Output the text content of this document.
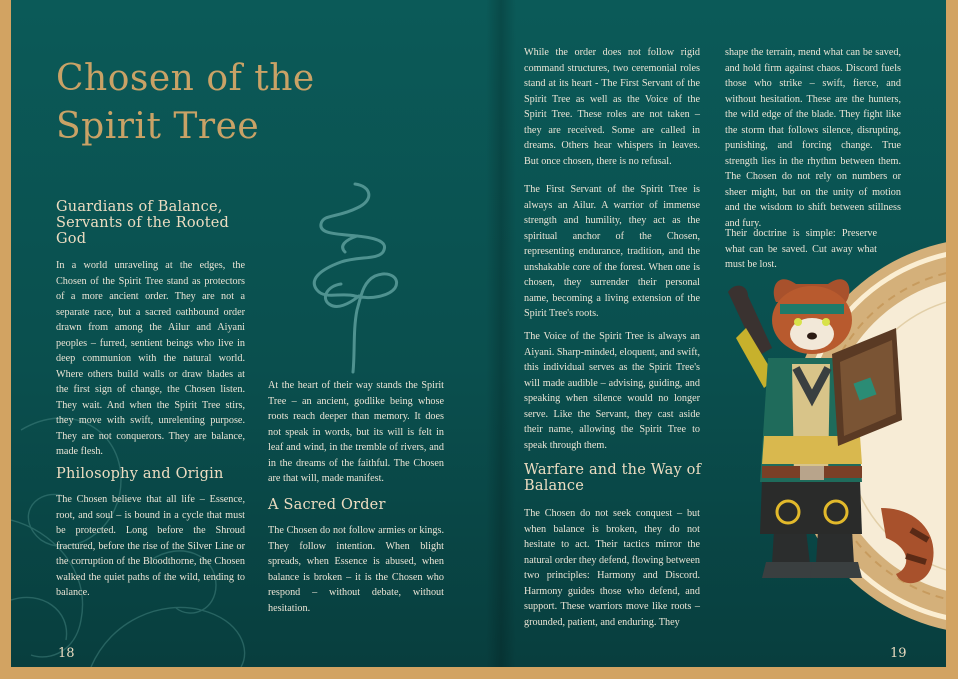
Chosen of the Spirit Tree
Guardians of Balance, Servants of the Rooted God

In a world unraveling at the edges, the Chosen of the Spirit Tree stand as protectors of a more ancient order. They are not a separate race, but a sacred oathbound order drawn from among the Ailur and Aiyani peoples – furred, sentient beings who live in deep communion with the natural world. Where others build walls or draw blades at the first sign of change, the Chosen listen. They wait. And when the Spirit Tree stirs, they move with swift, unrelenting purpose. They are not conquerors. They are balance, made flesh.

Philosophy and Origin

The Chosen believe that all life – Essence, root, and soul – is bound in a cycle that must be protected. Long before the Shroud fractured, before the rise of the Silver Line or the corruption of the Bloodthorne, the Chosen walked the quiet paths of the wild, tending to balance.

At the heart of their way stands the Spirit Tree – an ancient, godlike being whose roots reach deeper than memory. It does not speak in words, but its will is felt in leaf and wind, in the tremble of rivers, and in the dreams of the faithful. The Chosen are that will, made manifest.

A Sacred Order

The Chosen do not follow armies or kings. They follow intention. When blight spreads, when Essence is abused, when balance is broken – it is the Chosen who respond – without debate, without hesitation.

18

While the order does not follow rigid command structures, two ceremonial roles stand at its heart - The First Servant of the Spirit Tree as well as the Voice of the Spirit Tree. These roles are not taken – they are received. Some are called in dreams. Others hear whispers in leaves. But once chosen, there is no refusal.

The First Servant of the Spirit Tree is always an Ailur. A warrior of immense strength and humility, they act as the spiritual anchor of the Chosen, representing endurance, tradition, and the unshakable core of the forest. When one is chosen, they surrender their personal name, becoming a living extension of the Spirit Tree's roots.

The Voice of the Spirit Tree is always an Aiyani. Sharp-minded, eloquent, and swift, this individual serves as the Spirit Tree's will made audible – advising, guiding, and speaking when silence would no longer serve. Like the Servant, they cast aside their name, allowing the Spirit Tree to speak through them.

Warfare and the Way of Balance

The Chosen do not seek conquest – but when balance is broken, they do not hesitate to act. Their tactics mirror the natural order they defend, flowing between two principles: Harmony and Discord. Harmony guides those who defend, and support. These warriors move like roots – grounded, patient, and enduring. They

shape the terrain, mend what can be saved, and hold firm against chaos. Discord fuels those who strike – swift, fierce, and without hesitation. These are the hunters, the wild edge of the blade. They fight like the storm that follows silence, disrupting, punishing, and forcing change. True strength lies in the rhythm between them. The Chosen do not rely on numbers or sheer might, but on the unity of motion and the wisdom to shift between stillness and fury.

Their doctrine is simple: Preserve what can be saved. Cut away what must be lost.

19
